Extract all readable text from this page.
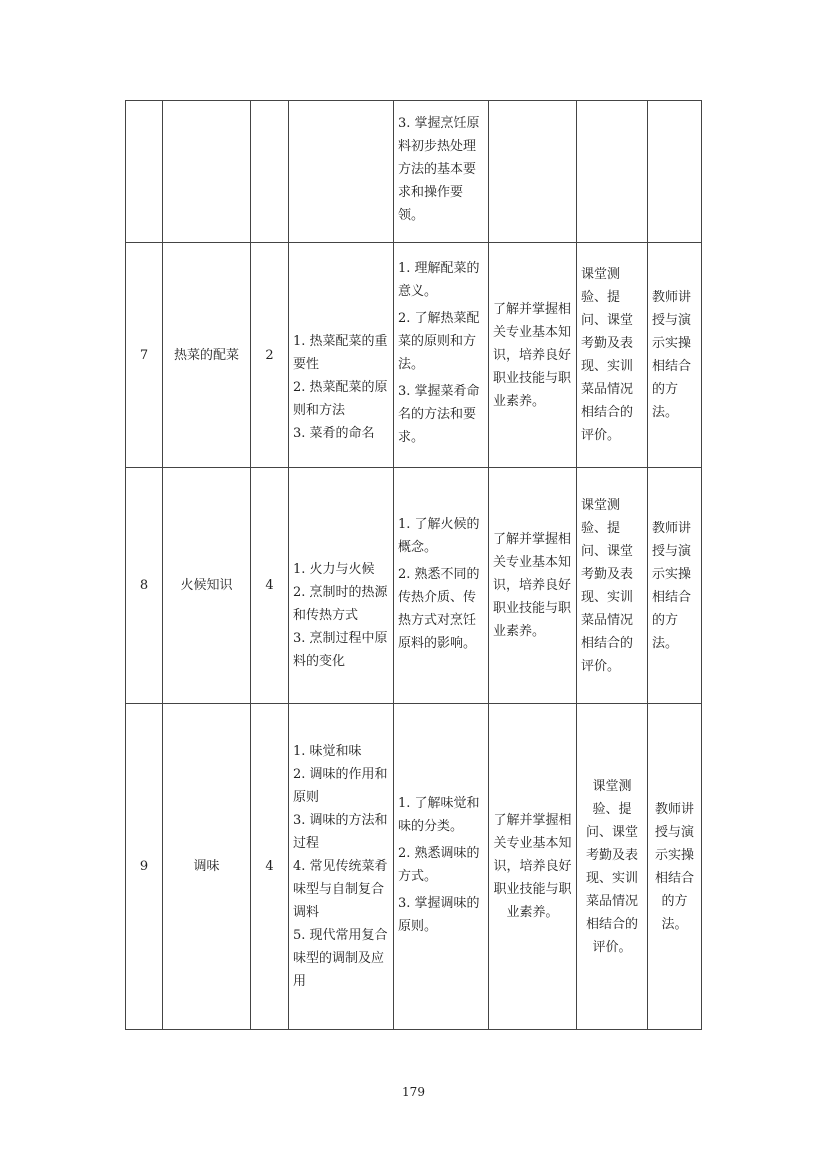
				3. 掌握烹饪原料初步热处理方法的基本要求和操作要领。			

7	热菜的配菜	2	1. 热菜配菜的重要性
2. 热菜配菜的原则和方法
3. 菜肴的命名	1. 理解配菜的意义。
2. 了解热菜配菜的原则和方法。
3. 掌握菜肴命名的方法和要求。	了解并掌握相关专业基本知识，培养良好职业技能与职业素养。	课堂测验、提问、课堂考勤及表现、实训菜品情况相结合的评价。	教师讲授与演示实操相结合的方法。
8	火候知识	4	1. 火力与火候
2. 烹制时的热源和传热方式
3. 烹制过程中原料的变化	1. 了解火候的概念。
2. 熟悉不同的传热介质、传热方式对烹饪原料的影响。	了解并掌握相关专业基本知识，培养良好职业技能与职业素养。	课堂测验、提问、课堂考勤及表现、实训菜品情况相结合的评价。	教师讲授与演示实操相结合的方法。
9	调味	4	1. 味觉和味
2. 调味的作用和原则
3. 调味的方法和过程
4. 常见传统菜肴味型与自制复合调料
5. 现代常用复合味型的调制及应用	1. 了解味觉和味的分类。
2. 熟悉调味的方式。
3. 掌握调味的原则。	了解并掌握相关专业基本知识，培养良好职业技能与职业素养。	课堂测验、提问、课堂考勤及表现、实训菜品情况相结合的评价。	教师讲授与演示实操相结合的方法。
179
